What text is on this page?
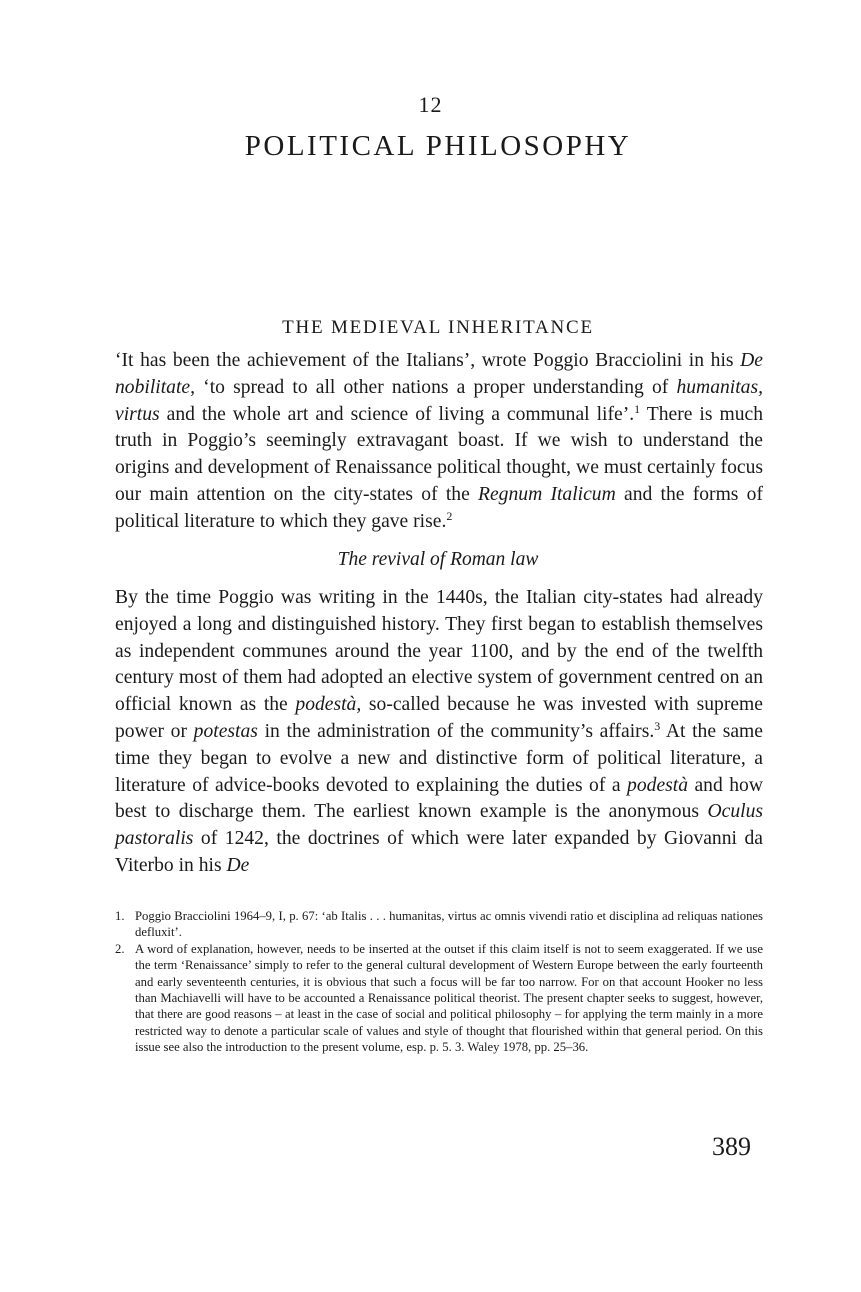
12
POLITICAL PHILOSOPHY
THE MEDIEVAL INHERITANCE

‘It has been the achievement of the Italians’, wrote Poggio Bracciolini in his De nobilitate, ‘to spread to all other nations a proper understanding of humanitas, virtus and the whole art and science of living a communal life’.$^1$ There is much truth in Poggio’s seemingly extravagant boast. If we wish to understand the origins and development of Renaissance political thought, we must certainly focus our main attention on the city-states of the Regnum Italicum and the forms of political literature to which they gave rise.$^2$

The revival of Roman law

By the time Poggio was writing in the 1440s, the Italian city-states had already enjoyed a long and distinguished history. They first began to establish themselves as independent communes around the year 1100, and by the end of the twelfth century most of them had adopted an elective system of government centred on an official known as the podestà, so-called because he was invested with supreme power or potestas in the administration of the community’s affairs.$^3$ At the same time they began to evolve a new and distinctive form of political literature, a literature of advice-books devoted to explaining the duties of a podestà and how best to discharge them. The earliest known example is the anonymous Oculus pastoralis of 1242, the doctrines of which were later expanded by Giovanni da Viterbo in his De

1. Poggio Bracciolini 1964–9, I, p. 67: ‘ab Italis . . . humanitas, virtus ac omnis vivendi ratio et disciplina ad reliquas nationes defluxit’.
2. A word of explanation, however, needs to be inserted at the outset if this claim itself is not to seem exaggerated. If we use the term ‘Renaissance’ simply to refer to the general cultural development of Western Europe between the early fourteenth and early seventeenth centuries, it is obvious that such a focus will be far too narrow. For on that account Hooker no less than Machiavelli will have to be accounted a Renaissance political theorist. The present chapter seeks to suggest, however, that there are good reasons – at least in the case of social and political philosophy – for applying the term mainly in a more restricted way to denote a particular scale of values and style of thought that flourished within that general period. On this issue see also the introduction to the present volume, esp. p. 5. 3. Waley 1978, pp. 25–36.
389
